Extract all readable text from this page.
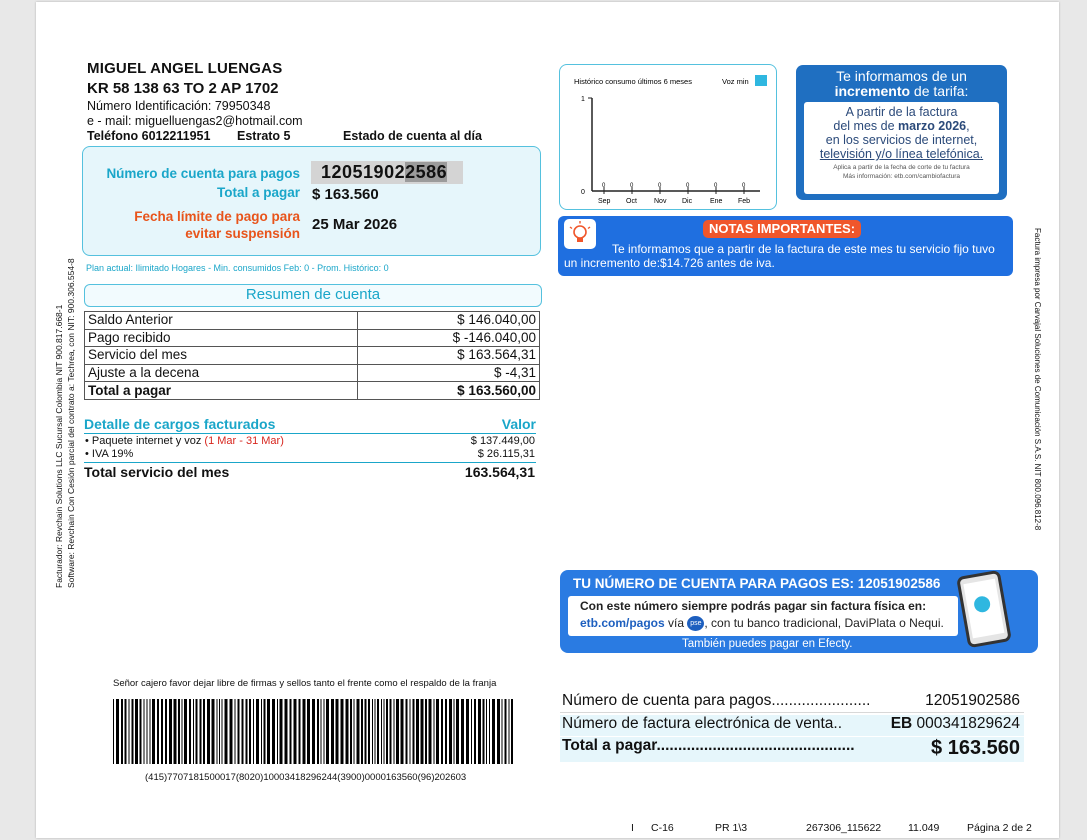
Facturador: Revchain Solutions LLC Sucursal Colombia NIT 900.817.668-1 Software: Revchain Con Cesión parcial del contrato a: Techrea, con NIT: 900.306.554-8	Factura impresa por Carvajal Soluciones de Comunicación S.A.S. NIT 800.096.812-8
MIGUEL ANGEL LUENGAS
KR 58 138 63 TO 2 AP 1702
Número Identificación: 79950348
e - mail: miguelluengas2@hotmail.com
Teléfono 6012211951 Estrato 5	Estado de cuenta al día
Número de cuenta para pagos	120519022586
Total a pagar $ 163.560
Fecha límite de pago para
evitar suspensión
25 Mar 2026
Plan actual: Ilimitado Hogares - Min. consumidos Feb: 0 - Prom. Histórico: 0
Resumen de cuenta
Saldo Anterior	$ 146.040,00
Pago recibido	$ -146.040,00
Servicio del mes	$ 163.564,31
Ajuste a la decena	$ -4,31
Total a pagar	$ 163.560,00
Detalle de cargos facturados	Valor
• Paquete internet y voz (1 Mar - 31 Mar)	$ 137.449,00
• IVA 19%	$ 26.115,31
Total servicio del mes	163.564,31
Histórico consumo últimos 6 meses	Voz min
1
0
0
Sep
0
Oct
0
Nov
0
Dic
0
Ene
0
Feb
Te informamos de un
incremento de tarifa:
A partir de la factura
del mes de marzo 2026,
en los servicios de internet,
televisión y/o línea telefónica.
Aplica a partir de la fecha de corte de tu factura
Más información: etb.com/cambiofactura
6013777777 / 018000112170 / Whatsapp 3057800000
NOTAS IMPORTANTES:
Te informamos que a partir de la factura de este mes tu servicio fijo tuvo
un incremento de:$14.726 antes de iva.
TU NÚMERO DE CUENTA PARA PAGOS ES: 12051902586
Con este número siempre podrás pagar sin factura física en:
etb.com/pagos vía pse , con tu banco tradicional, DaviPlata o Nequi.
También puedes pagar en Efecty.
Señor cajero favor dejar libre de firmas y sellos tanto el frente como el respaldo de la franja
(415)7707181500017(8020)10003418296244(3900)0000163560(96)202603
Número de cuenta para pagos.......................	12051902586
Número de factura electrónica de venta..	EB 000341829624
Total a pagar..............................................	$ 163.560
I C-16	PR 1\3	267306_115622	11.049	Página 2 de 2
